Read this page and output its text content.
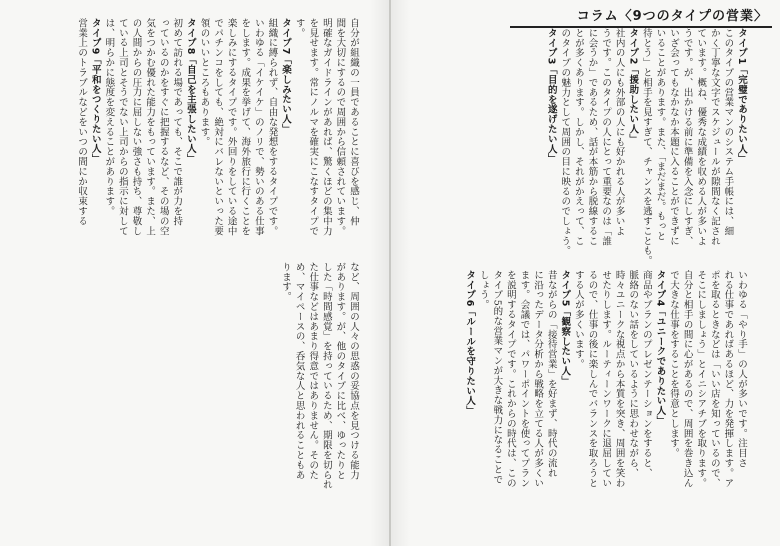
コラム〈9つのタイプの営業〉
タイプ1「完璧でありたい人」
このタイプの営業マンのシステム手帳には、細
かく丁寧な文字でスケジュールが隙間なく記され
ています。概ね、優秀な成績を収める人が多いよ
うです。が、出かける前に準備を入念にしすぎ、
いざ会ってもなかなか本題に入ることができずに
いることがあります。また、「まだまだ。もっと
待とう」と相手を見すぎて、チャンスを逃すことも。
タイプ2「援助したい人」
社内の人にも外部の人にも好かれる人が多いよ
うです。このタイプの人にとって重要なのは「誰
に会うか」であるため、話が本筋から脱線するこ
とが多くあります。しかし、それがかえって、こ
のタイプの魅力として周囲の目に映るのでしょう。
タイプ3「目的を遂げたい人」
自分が組織の一員であることに喜びを感じ、仲
間を大切にするので周囲から信頼されています。
明確なガイドラインがあれば、驚くほどの集中力
を見せます。常にノルマを確実にこなすタイプで
す。
タイプ7「楽しみたい人」
組織に縛られず、自由な発想をするタイプです。
いわゆる「イケイケ」のノリで、勢いのある仕事
をします。成果を挙げて、海外旅行に行くことを
楽しみにするタイプです。外回りをしている途中
でパチンコをしても、絶対にバレないといった要
領のいいところもあります。
タイプ8「自己を主張したい人」
初めて訪れる場であっても、そこで誰が力を持
っているのかをすぐに把握するなど、その場の空
気をつかむ優れた能力をもっています。また、上
の人間からの圧力に屈しない強さも持ち、尊敬し
ている上司とそうでない上司からの指示に対して
は、明らかに態度を変えることがあります。
タイプ9「平和をつくりたい人」
営業上のトラブルなどをいつの間にか収束する
いわゆる「やり手」の人が多いです。注目さ
れる仕事であればあるほど、力を発揮します。ア
ポを取るときなどは「いい店を知っているので、
そこにしましょう」とイニシアチブを取ります。
自分と相手の間に心があるので、周囲を巻き込ん
で大きな仕事をすることを得意とします。
タイプ4「ユニークでありたい人」
商品やプランのプレゼンテーションをすると、
脈絡のない話をしているように思わせながら、
時々ユニークな視点から本質を突き、周囲を笑わ
せたりします。ルーティーンワークに退屈してい
るので、仕事の後に楽しんでバランスを取ろうと
する人が多くいます。
タイプ5「観察したい人」
昔ながらの「接待営業」を好まず、時代の流れ
に沿ったデータ分析から戦略を立てる人が多くい
ます。会議では、パワーポイントを使ってプラン
を説明するタイプです。これからの時代は、この
タイプ5的な営業マンが大きな戦力になることで
しょう。
タイプ6「ルールを守りたい人」
など、周囲の人々の思惑の妥協点を見つける能力
があります。が、他のタイプに比べ、ゆったりと
した「時間感覚」を持っているため、期限を切られ
た仕事などはあまり得意ではありません。そのた
め、マイペースの、呑気な人と思われることもあ
ります。
